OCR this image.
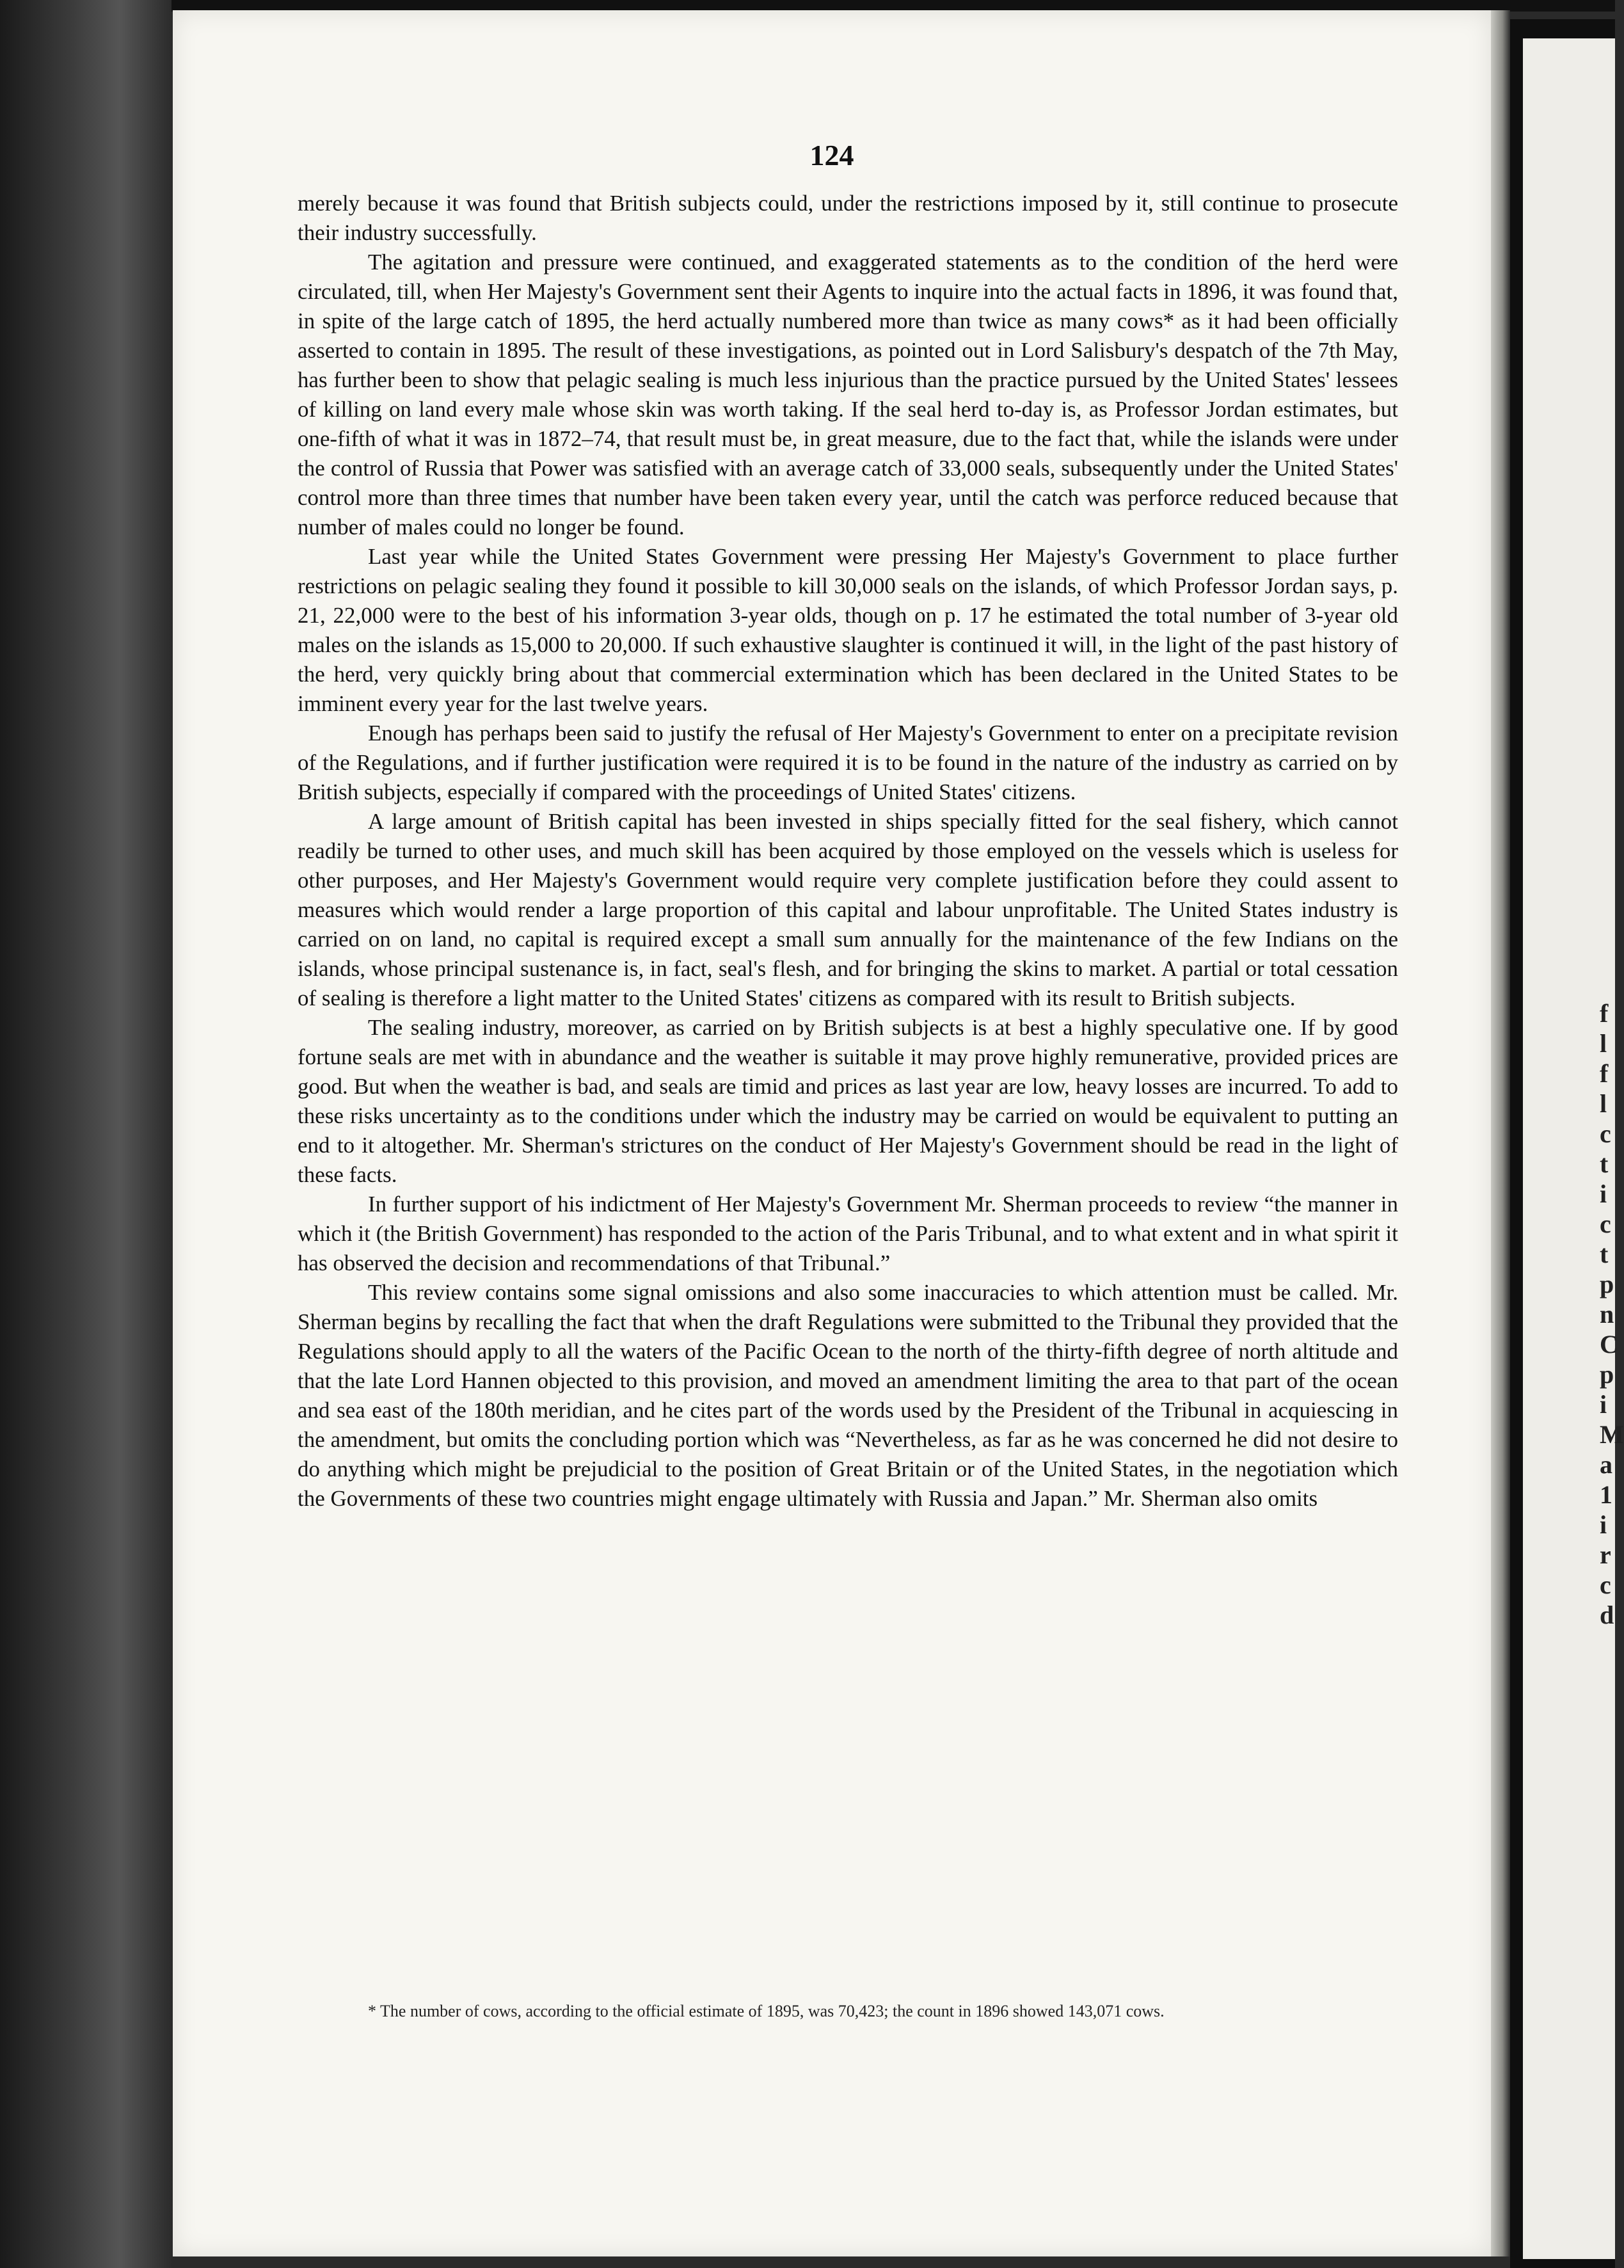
f
l
f
l
c
t
i
c
t
p
n
C
p
i
M
a
1
i
r
c
d

124

merely because it was found that British subjects could, under the restrictions imposed by it, still continue to prosecute their industry successfully.

The agitation and pressure were continued, and exaggerated statements as to the condition of the herd were circulated, till, when Her Majesty's Government sent their Agents to inquire into the actual facts in 1896, it was found that, in spite of the large catch of 1895, the herd actually numbered more than twice as many cows* as it had been officially asserted to contain in 1895. The result of these investigations, as pointed out in Lord Salisbury's despatch of the 7th May, has further been to show that pelagic sealing is much less injurious than the practice pursued by the United States' lessees of killing on land every male whose skin was worth taking. If the seal herd to-day is, as Professor Jordan estimates, but one-fifth of what it was in 1872–74, that result must be, in great measure, due to the fact that, while the islands were under the control of Russia that Power was satisfied with an average catch of 33,000 seals, subsequently under the United States' control more than three times that number have been taken every year, until the catch was perforce reduced because that number of males could no longer be found.

Last year while the United States Government were pressing Her Majesty's Government to place further restrictions on pelagic sealing they found it possible to kill 30,000 seals on the islands, of which Professor Jordan says, p. 21, 22,000 were to the best of his information 3-year olds, though on p. 17 he estimated the total number of 3-year old males on the islands as 15,000 to 20,000. If such exhaustive slaughter is continued it will, in the light of the past history of the herd, very quickly bring about that commercial extermination which has been declared in the United States to be imminent every year for the last twelve years.

Enough has perhaps been said to justify the refusal of Her Majesty's Government to enter on a precipitate revision of the Regulations, and if further justification were required it is to be found in the nature of the industry as carried on by British subjects, especially if compared with the proceedings of United States' citizens.

A large amount of British capital has been invested in ships specially fitted for the seal fishery, which cannot readily be turned to other uses, and much skill has been acquired by those employed on the vessels which is useless for other purposes, and Her Majesty's Government would require very complete justification before they could assent to measures which would render a large proportion of this capital and labour unprofitable. The United States industry is carried on on land, no capital is required except a small sum annually for the maintenance of the few Indians on the islands, whose principal sustenance is, in fact, seal's flesh, and for bringing the skins to market. A partial or total cessation of sealing is therefore a light matter to the United States' citizens as compared with its result to British subjects.

The sealing industry, moreover, as carried on by British subjects is at best a highly speculative one. If by good fortune seals are met with in abundance and the weather is suitable it may prove highly remunerative, provided prices are good. But when the weather is bad, and seals are timid and prices as last year are low, heavy losses are incurred. To add to these risks uncertainty as to the conditions under which the industry may be carried on would be equivalent to putting an end to it altogether. Mr. Sherman's strictures on the conduct of Her Majesty's Government should be read in the light of these facts.

In further support of his indictment of Her Majesty's Government Mr. Sherman proceeds to review “the manner in which it (the British Government) has responded to the action of the Paris Tribunal, and to what extent and in what spirit it has observed the decision and recommendations of that Tribunal.”

This review contains some signal omissions and also some inaccuracies to which attention must be called. Mr. Sherman begins by recalling the fact that when the draft Regulations were submitted to the Tribunal they provided that the Regulations should apply to all the waters of the Pacific Ocean to the north of the thirty-fifth degree of north altitude and that the late Lord Hannen objected to this provision, and moved an amendment limiting the area to that part of the ocean and sea east of the 180th meridian, and he cites part of the words used by the President of the Tribunal in acquiescing in the amendment, but omits the concluding portion which was “Nevertheless, as far as he was concerned he did not desire to do anything which might be prejudicial to the position of Great Britain or of the United States, in the negotiation which the Governments of these two countries might engage ultimately with Russia and Japan.” Mr. Sherman also omits

* The number of cows, according to the official estimate of 1895, was 70,423; the count in 1896 showed 143,071 cows.
